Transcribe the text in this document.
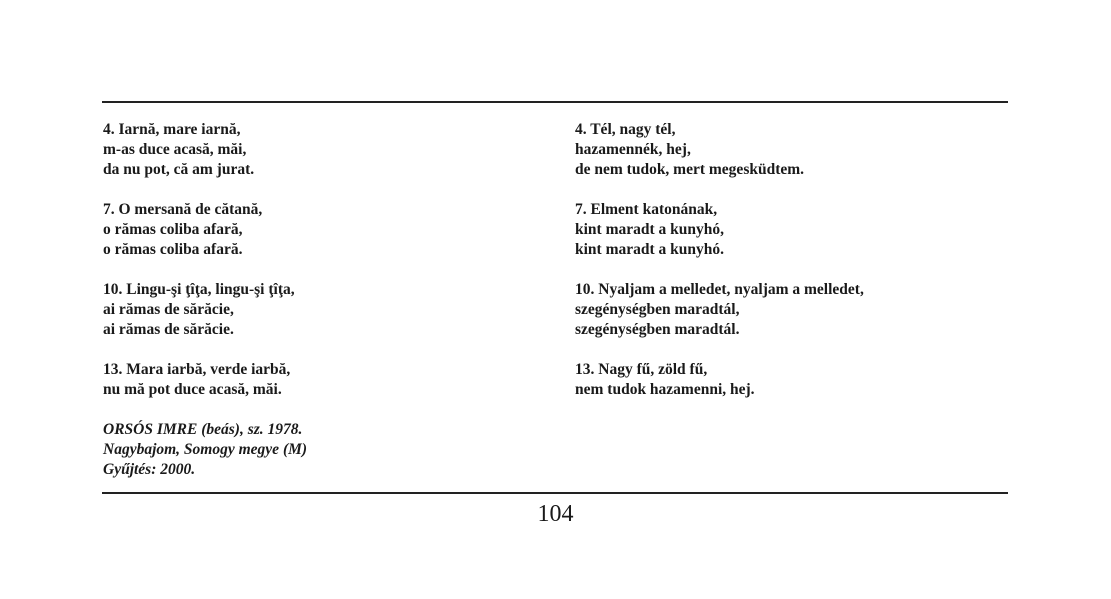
4. Iarnă, mare iarnă,
m-as duce acasă, măi,
da nu pot, că am jurat.
7. O mersană de cătană,
o rămas coliba afară,
o rămas coliba afară.
10. Lingu-şi ţîţa, lingu-şi ţîţa,
ai rămas de sărăcie,
ai rămas de sărăcie.
13. Mara iarbă, verde iarbă,
nu mă pot duce acasă, măi.
ORSÓS IMRE (beás), sz. 1978.
Nagybajom, Somogy megye (M)
Gyűjtés: 2000.
4. Tél, nagy tél,
hazamennék, hej,
de nem tudok, mert megesküdtem.
7. Elment katonának,
kint maradt a kunyhó,
kint maradt a kunyhó.
10. Nyaljam a melledet, nyaljam a melledet,
szegénységben maradtál,
szegénységben maradtál.
13. Nagy fű, zöld fű,
nem tudok hazamenni, hej.
104
